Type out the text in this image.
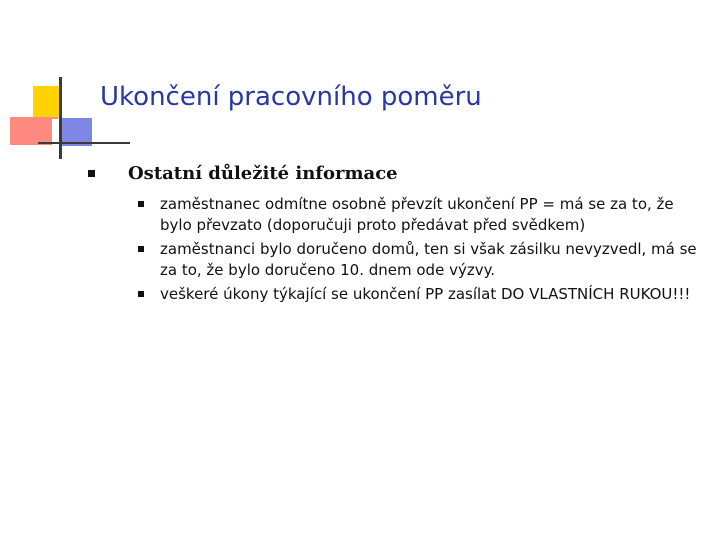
Ukončení pracovního poměru
Ostatní důležité informace
zaměstnanec odmítne osobně převzít ukončení PP = má se za to, že bylo převzato (doporučuji proto předávat před svědkem)
zaměstnanci bylo doručeno domů, ten si však zásilku nevyzvedl, má se za to, že bylo doručeno 10. dnem ode výzvy.
veškeré úkony týkající se ukončení PP zasílat DO VLASTNÍCH RUKOU!!!
